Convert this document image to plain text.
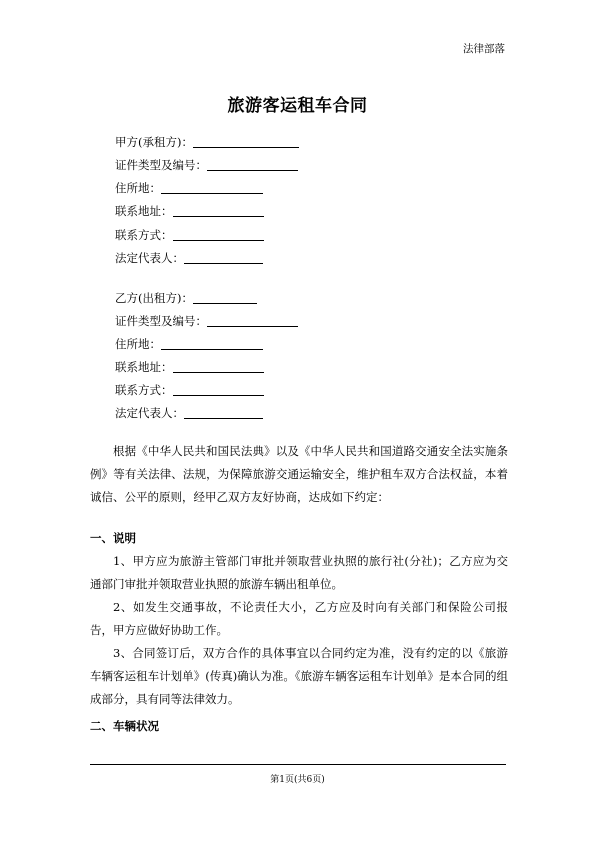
法律部落
旅游客运租车合同
甲方(承租方)：
证件类型及编号：
住所地：
联系地址：
联系方式：
法定代表人：
乙方(出租方)：
证件类型及编号：
住所地：
联系地址：
联系方式：
法定代表人：
根据《中华人民共和国民法典》以及《中华人民共和国道路交通安全法实施条例》等有关法律、法规，为保障旅游交通运输安全，维护租车双方合法权益，本着诚信、公平的原则，经甲乙双方友好协商，达成如下约定：
一、说明
1、甲方应为旅游主管部门审批并领取营业执照的旅行社(分社)；乙方应为交通部门审批并领取营业执照的旅游车辆出租单位。
2、如发生交通事故，不论责任大小，乙方应及时向有关部门和保险公司报告，甲方应做好协助工作。
3、合同签订后，双方合作的具体事宜以合同约定为准，没有约定的以《旅游车辆客运租车计划单》(传真)确认为准。《旅游车辆客运租车计划单》是本合同的组成部分，具有同等法律效力。
二、车辆状况
第1页(共6页)
